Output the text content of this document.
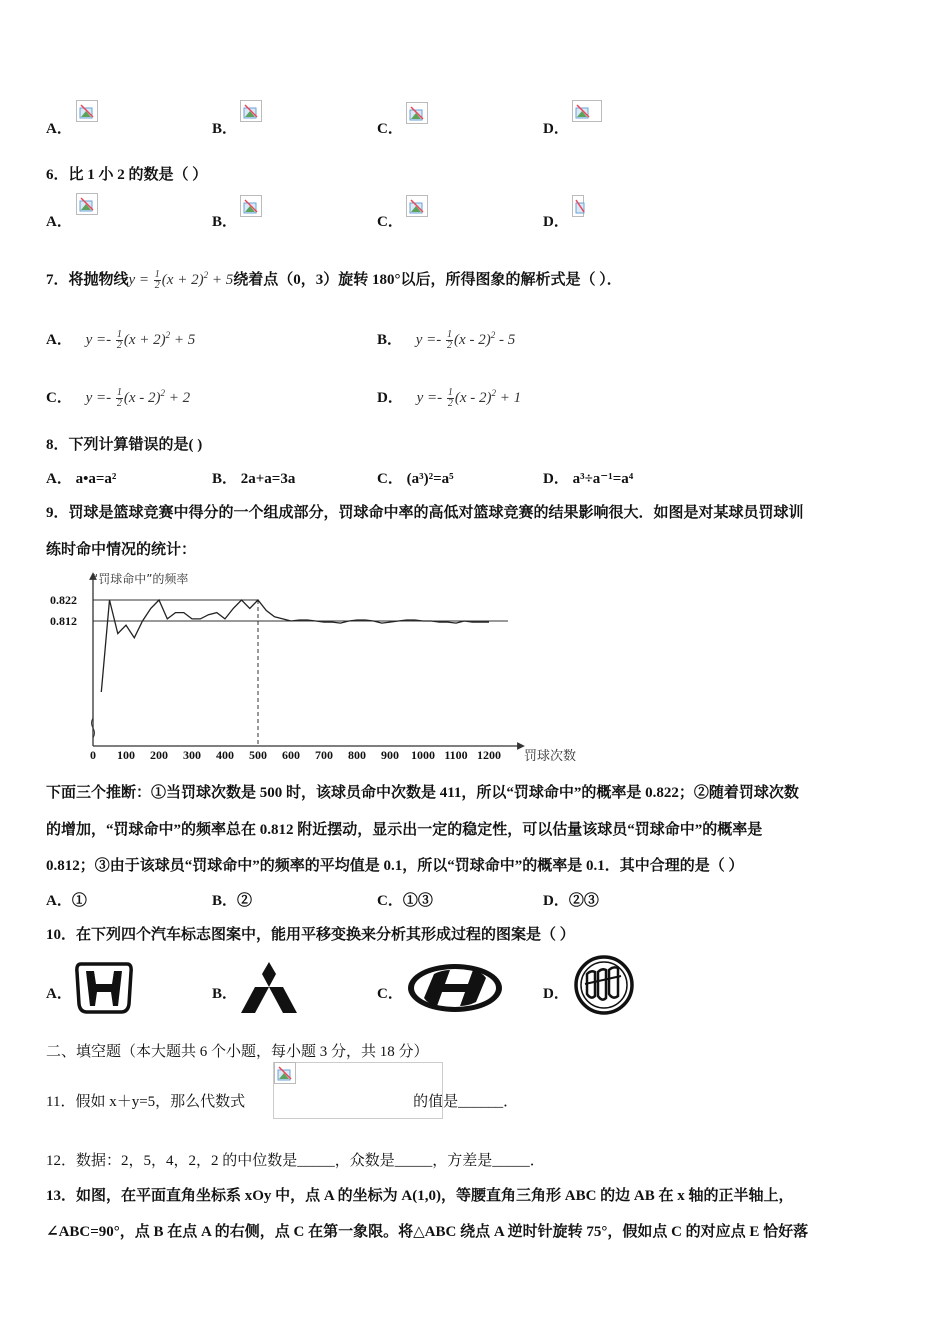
A．	B．	C．	D．
6．比 1 小 2 的数是（ ）
A．	B．	C．	D．
7．将抛物线$y = \frac{1}{2} (x + 2)^2 + 5$绕着点（0，3）旋转 180°以后，所得图象的解析式是（ ）．
A． $y =- \frac{1}{2} (x + 2)^2 + 5$	B． $y =- \frac{1}{2} (x - 2)^2 - 5$
C． $y =- \frac{1}{2} (x - 2)^2 + 2$	D． $y =- \frac{1}{2} (x - 2)^2 + 1$
8．下列计算错误的是( )
A． a•a=a²	B． 2a+a=3a	C． (a³)²=a⁵	D． a³÷a⁻¹=a⁴
9．罚球是篮球竞赛中得分的一个组成部分，罚球命中率的高低对篮球竞赛的结果影响很大．如图是对某球员罚球训
练时命中情况的统计：
“罚球命中”的频率
罚球次数
0.822
0.812
0 100 200 300 400 500 600 700 800 900 1000 1100 1200
下面三个推断：①当罚球次数是 500 时，该球员命中次数是 411，所以“罚球命中”的概率是 0.822；②随着罚球次数
的增加，“罚球命中”的频率总在 0.812 附近摆动，显示出一定的稳定性，可以估量该球员“罚球命中”的概率是
0.812；③由于该球员“罚球命中”的频率的平均值是 0.1，所以“罚球命中”的概率是 0.1．其中合理的是（ ）
A．①	B．②	C．①③	D．②③
10．在下列四个汽车标志图案中，能用平移变换来分析其形成过程的图案是（ ）
A．	B．	C．	D．
二、填空题（本大题共 6 个小题，每小题 3 分，共 18 分）
11．假如 x＋y=5，那么代数式	的值是______．
12．数据：2，5，4，2，2 的中位数是_____，众数是_____，方差是_____．
13．如图，在平面直角坐标系 xOy 中，点 A 的坐标为 A(1,0)，等腰直角三角形 ABC 的边 AB 在 x 轴的正半轴上，
∠ABC=90°，点 B 在点 A 的右侧，点 C 在第一象限。将△ABC 绕点 A 逆时针旋转 75°，假如点 C 的对应点 E 恰好落
